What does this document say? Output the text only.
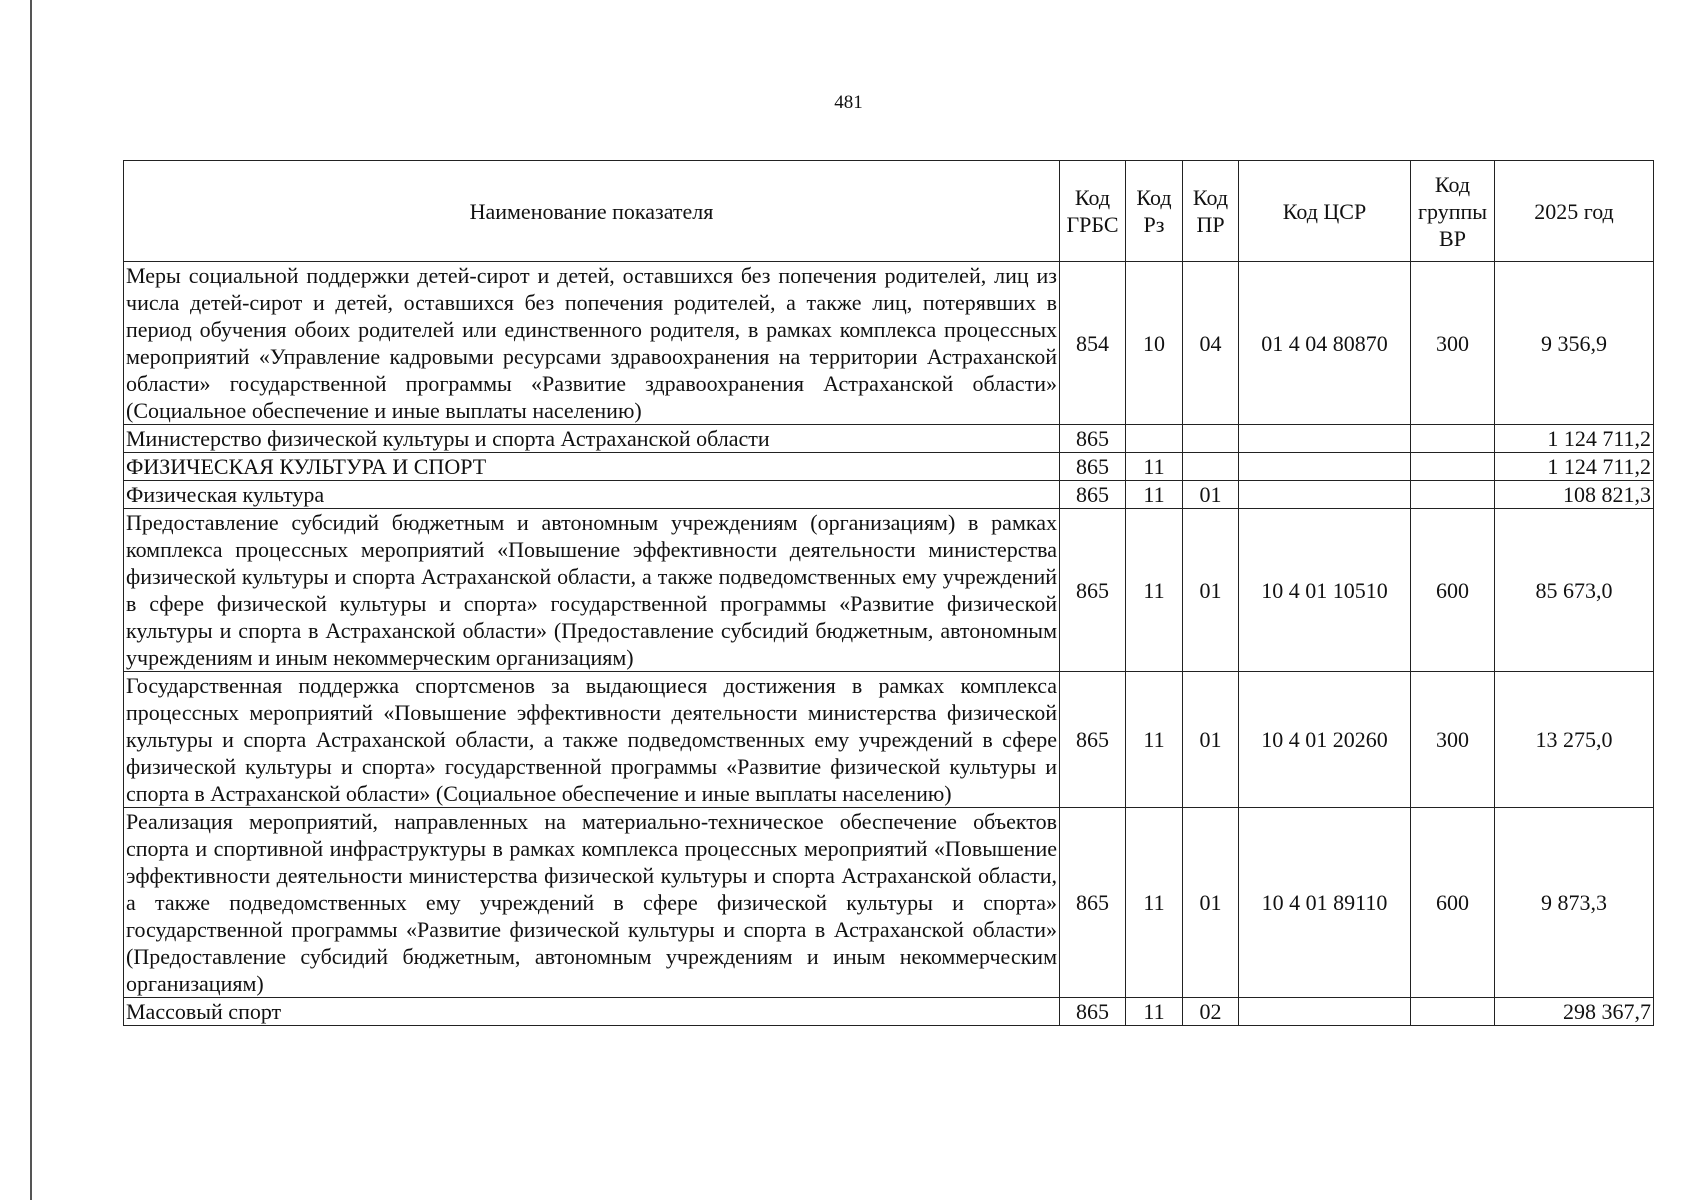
481
Наименование показателя	Код ГРБС	Код Рз	Код ПР	Код ЦСР	Код группы ВР	2025 год
Меры социальной поддержки детей-сирот и детей, оставшихся без попечения родителей, лиц из числа детей-сирот и детей, оставшихся без попечения родителей, а также лиц, потерявших в период обучения обоих родителей или единственного родителя, в рамках комплекса процессных мероприятий «Управление кадровыми ресурсами здравоохранения на территории Астраханской области» государственной программы «Развитие здравоохранения Астраханской области» (Социальное обеспечение и иные выплаты населению)	854	10	04	01 4 04 80870	300	9 356,9
Министерство физической культуры и спорта Астраханской области	865					1 124 711,2
ФИЗИЧЕСКАЯ КУЛЬТУРА И СПОРТ	865	11				1 124 711,2
Физическая культура	865	11	01			108 821,3
Предоставление субсидий бюджетным и автономным учреждениям (организациям) в рамках комплекса процессных мероприятий «Повышение эффективности деятельности министерства физической культуры и спорта Астраханской области, а также подведомственных ему учреждений в сфере физической культуры и спорта» государственной программы «Развитие физической культуры и спорта в Астраханской области» (Предоставление субсидий бюджетным, автономным учреждениям и иным некоммерческим организациям)	865	11	01	10 4 01 10510	600	85 673,0
Государственная поддержка спортсменов за выдающиеся достижения в рамках комплекса процессных мероприятий «Повышение эффективности деятельности министерства физической культуры и спорта Астраханской области, а также подведомственных ему учреждений в сфере физической культуры и спорта» государственной программы «Развитие физической культуры и спорта в Астраханской области» (Социальное обеспечение и иные выплаты населению)	865	11	01	10 4 01 20260	300	13 275,0
Реализация мероприятий, направленных на материально-техническое обеспечение объектов спорта и спортивной инфраструктуры в рамках комплекса процессных мероприятий «Повышение эффективности деятельности министерства физической культуры и спорта Астраханской области, а также подведомственных ему учреждений в сфере физической культуры и спорта» государственной программы «Развитие физической культуры и спорта в Астраханской области» (Предоставление субсидий бюджетным, автономным учреждениям и иным некоммерческим организациям)	865	11	01	10 4 01 89110	600	9 873,3
Массовый спорт	865	11	02			298 367,7
